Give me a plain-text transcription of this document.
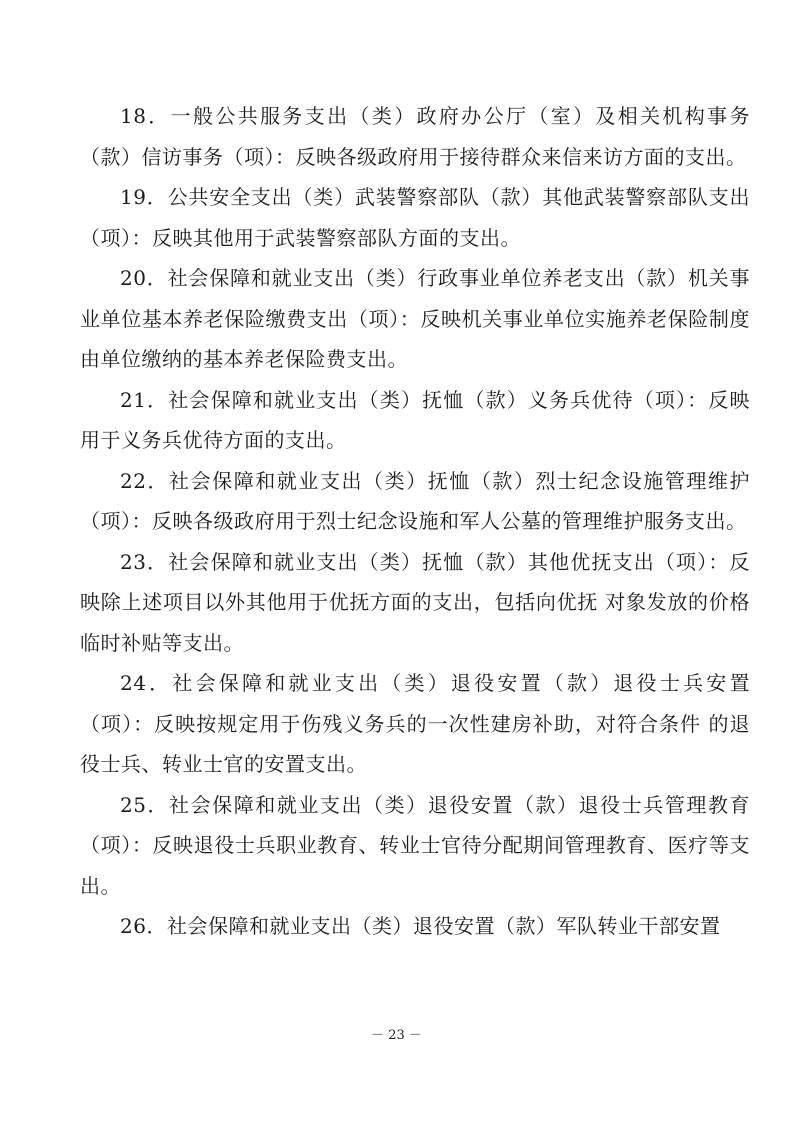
18．一般公共服务支出（类）政府办公厅（室）及相关机构事务（款）信访事务（项）：反映各级政府用于接待群众来信来访方面的支出。

19．公共安全支出（类）武装警察部队（款）其他武装警察部队支出（项）：反映其他用于武装警察部队方面的支出。

20．社会保障和就业支出（类）行政事业单位养老支出（款）机关事业单位基本养老保险缴费支出（项）：反映机关事业单位实施养老保险制度由单位缴纳的基本养老保险费支出。

21．社会保障和就业支出（类）抚恤（款）义务兵优待（项）：反映用于义务兵优待方面的支出。

22．社会保障和就业支出（类）抚恤（款）烈士纪念设施管理维护（项）：反映各级政府用于烈士纪念设施和军人公墓的管理维护服务支出。

23．社会保障和就业支出（类）抚恤（款）其他优抚支出（项）：反映除上述项目以外其他用于优抚方面的支出，包括向优抚 对象发放的价格临时补贴等支出。

24．社会保障和就业支出（类）退役安置（款）退役士兵安置（项）：反映按规定用于伤残义务兵的一次性建房补助，对符合条件 的退役士兵、转业士官的安置支出。

25．社会保障和就业支出（类）退役安置（款）退役士兵管理教育（项）：反映退役士兵职业教育、转业士官待分配期间管理教育、医疗等支出。

26．社会保障和就业支出（类）退役安置（款）军队转业干部安置

－ 23 －
